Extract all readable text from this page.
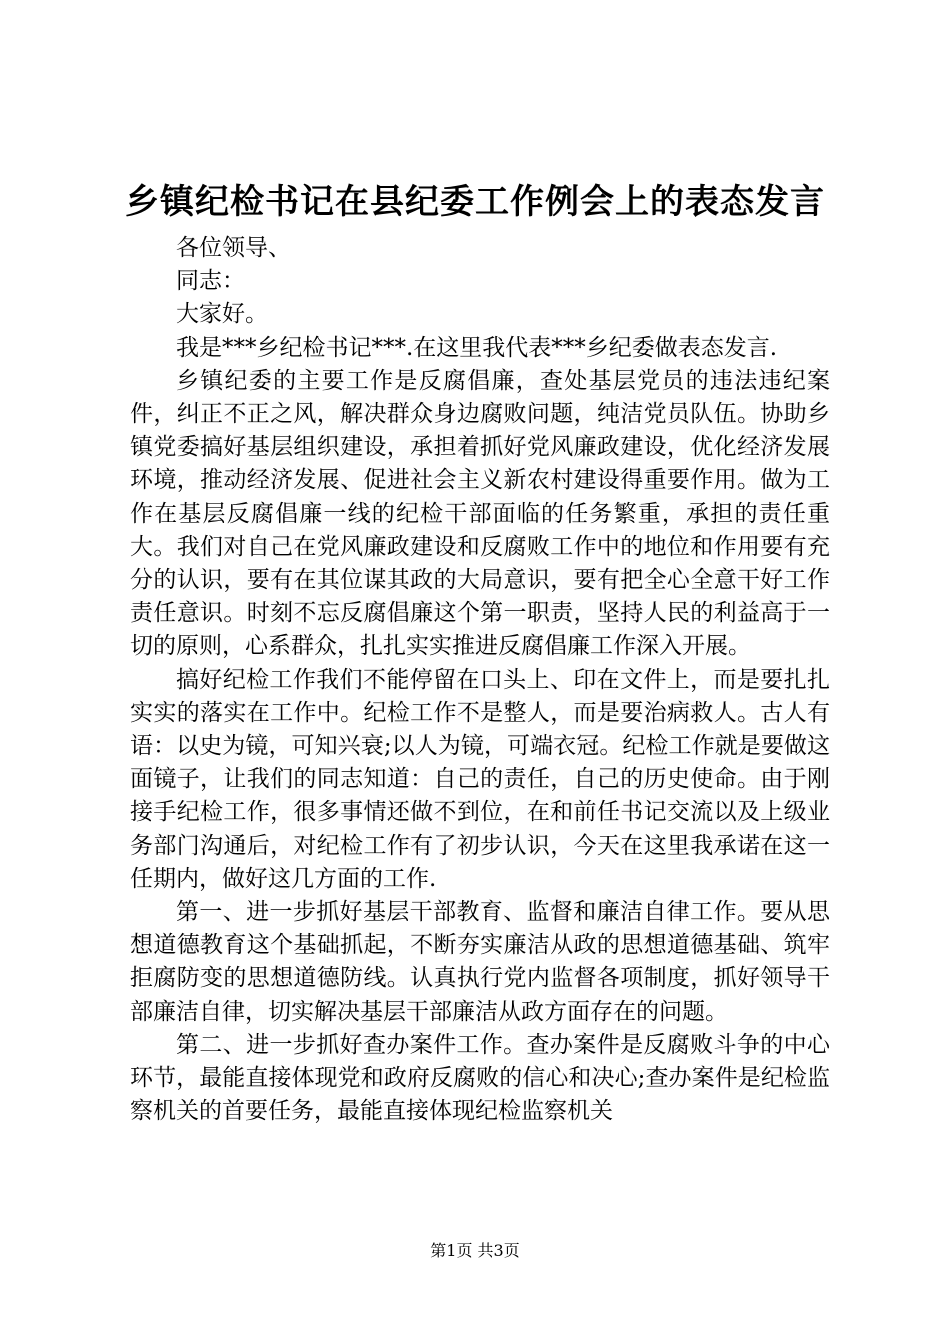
乡镇纪检书记在县纪委工作例会上的表态发言

各位领导、

同志：

大家好。

我是***乡纪检书记***.在这里我代表***乡纪委做表态发言.

乡镇纪委的主要工作是反腐倡廉，查处基层党员的违法违纪案件，纠正不正之风，解决群众身边腐败问题，纯洁党员队伍。协助乡镇党委搞好基层组织建设，承担着抓好党风廉政建设，优化经济发展环境，推动经济发展、促进社会主义新农村建设得重要作用。做为工作在基层反腐倡廉一线的纪检干部面临的任务繁重，承担的责任重大。我们对自己在党风廉政建设和反腐败工作中的地位和作用要有充分的认识，要有在其位谋其政的大局意识，要有把全心全意干好工作责任意识。时刻不忘反腐倡廉这个第一职责，坚持人民的利益高于一切的原则，心系群众，扎扎实实推进反腐倡廉工作深入开展。

搞好纪检工作我们不能停留在口头上、印在文件上，而是要扎扎实实的落实在工作中。纪检工作不是整人，而是要治病救人。古人有语：以史为镜，可知兴衰;以人为镜，可端衣冠。纪检工作就是要做这面镜子，让我们的同志知道：自己的责任，自己的历史使命。由于刚接手纪检工作，很多事情还做不到位，在和前任书记交流以及上级业务部门沟通后，对纪检工作有了初步认识，今天在这里我承诺在这一任期内，做好这几方面的工作.

第一、进一步抓好基层干部教育、监督和廉洁自律工作。要从思想道德教育这个基础抓起，不断夯实廉洁从政的思想道德基础、筑牢拒腐防变的思想道德防线。认真执行党内监督各项制度，抓好领导干部廉洁自律，切实解决基层干部廉洁从政方面存在的问题。

第二、进一步抓好查办案件工作。查办案件是反腐败斗争的中心环节，最能直接体现党和政府反腐败的信心和决心;查办案件是纪检监察机关的首要任务，最能直接体现纪检监察机关

第1页 共3页
